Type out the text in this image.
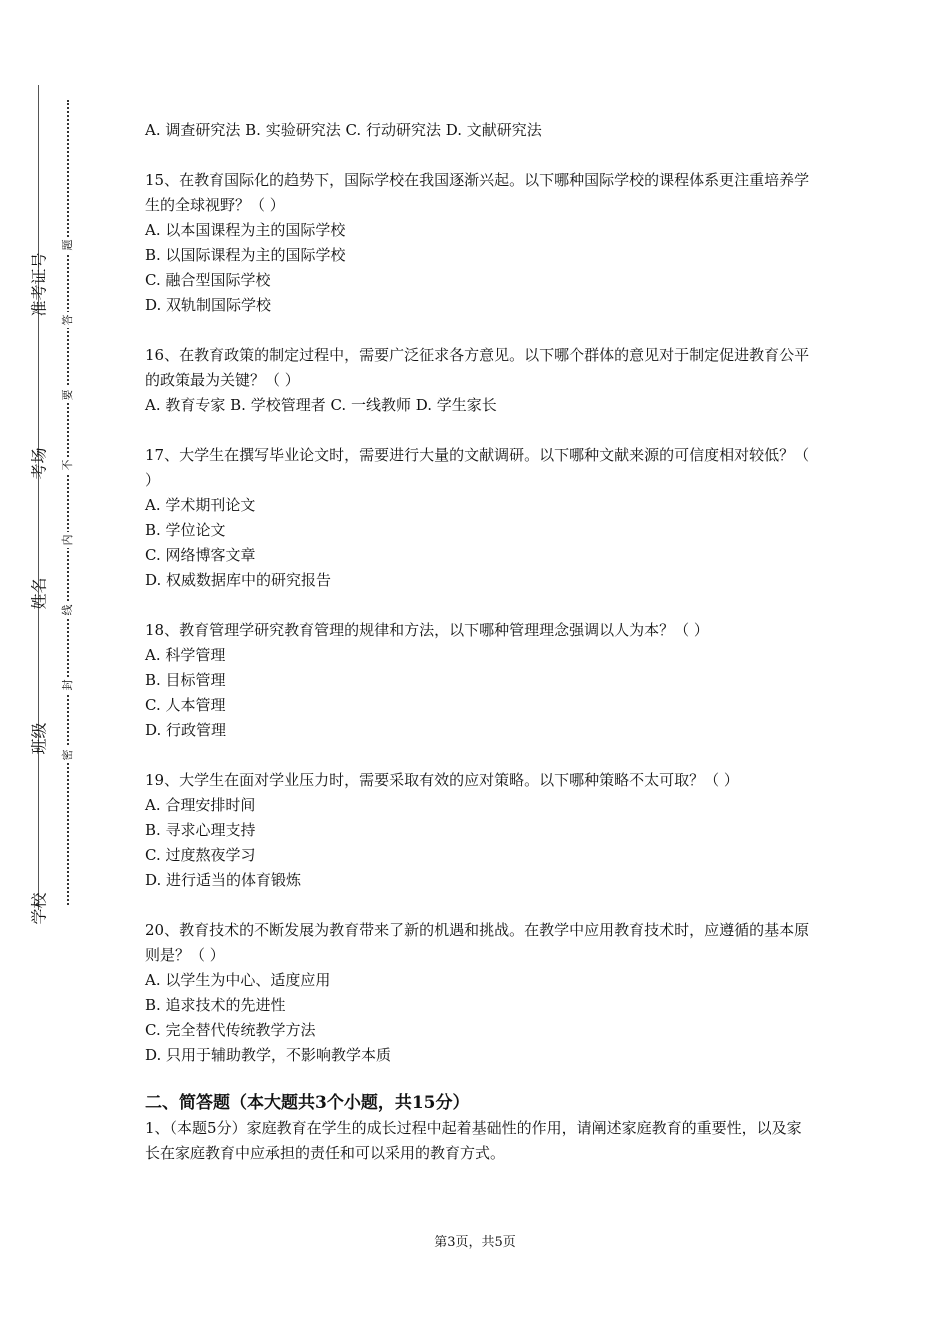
准考证号
考场
姓名
班级
学校
题
答
要
不
内
线
封
密
A. 调查研究法 B. 实验研究法 C. 行动研究法 D. 文献研究法
15、在教育国际化的趋势下，国际学校在我国逐渐兴起。以下哪种国际学校的课程体系更注重培养学生的全球视野？（ ）
A. 以本国课程为主的国际学校
B. 以国际课程为主的国际学校
C. 融合型国际学校
D. 双轨制国际学校
16、在教育政策的制定过程中，需要广泛征求各方意见。以下哪个群体的意见对于制定促进教育公平的政策最为关键？（ ）
A. 教育专家 B. 学校管理者 C. 一线教师 D. 学生家长
17、大学生在撰写毕业论文时，需要进行大量的文献调研。以下哪种文献来源的可信度相对较低？（ ）
A. 学术期刊论文
B. 学位论文
C. 网络博客文章
D. 权威数据库中的研究报告
18、教育管理学研究教育管理的规律和方法，以下哪种管理理念强调以人为本？（ ）
A. 科学管理
B. 目标管理
C. 人本管理
D. 行政管理
19、大学生在面对学业压力时，需要采取有效的应对策略。以下哪种策略不太可取？（ ）
A. 合理安排时间
B. 寻求心理支持
C. 过度熬夜学习
D. 进行适当的体育锻炼
20、教育技术的不断发展为教育带来了新的机遇和挑战。在教学中应用教育技术时，应遵循的基本原则是？（ ）
A. 以学生为中心、适度应用
B. 追求技术的先进性
C. 完全替代传统教学方法
D. 只用于辅助教学，不影响教学本质
二、简答题（本大题共3个小题，共15分）
1、（本题5分）家庭教育在学生的成长过程中起着基础性的作用，请阐述家庭教育的重要性，以及家长在家庭教育中应承担的责任和可以采用的教育方式。
第3页，共5页
